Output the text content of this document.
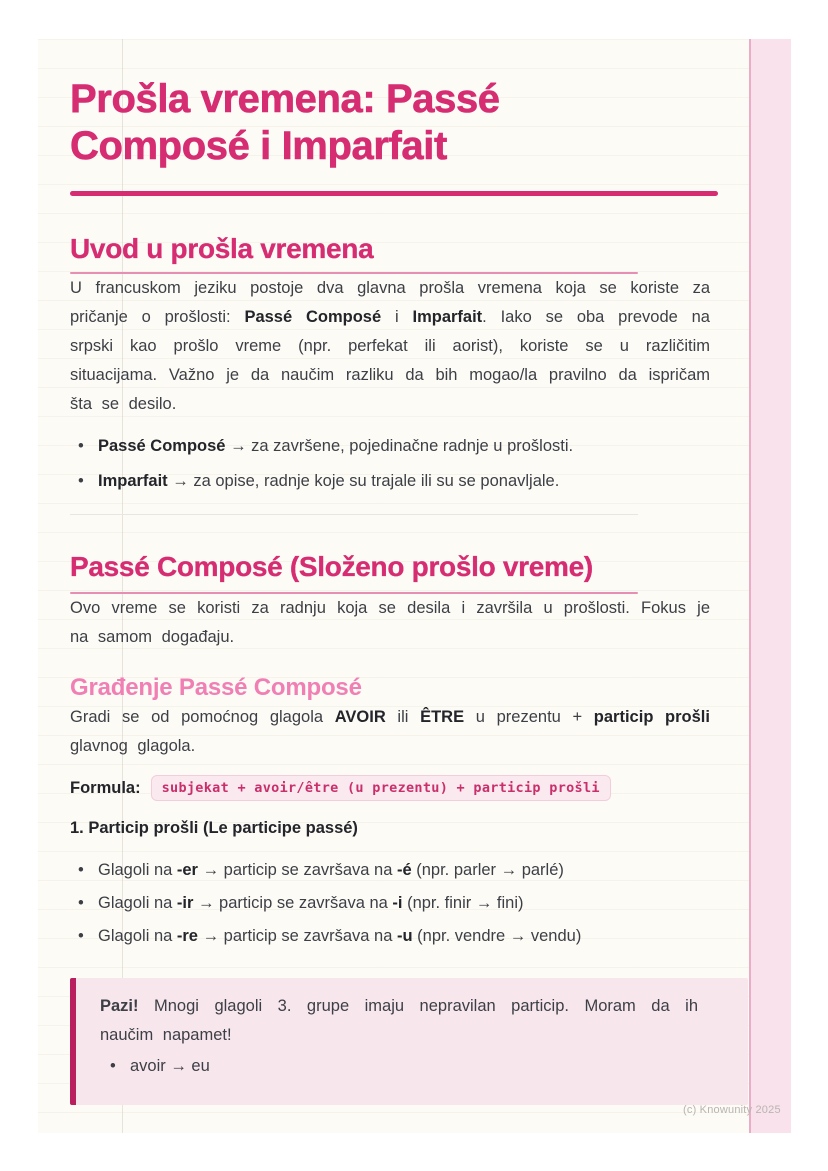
Prošla vremena: Passé Composé i Imparfait
Uvod u prošla vremena

U francuskom jeziku postoje dva glavna prošla vremena koja se koriste za pričanje o prošlosti: Passé Composé i Imparfait. Iako se oba prevode na srpski kao prošlo vreme (npr. perfekat ili aorist), koriste se u različitim situacijama. Važno je da naučim razliku da bih mogao/la pravilno da ispričam šta se desilo.

• Passé Composé → za završene, pojedinačne radnje u prošlosti.
• Imparfait → za opise, radnje koje su trajale ili su se ponavljale.
Passé Composé (Složeno prošlo vreme)

Ovo vreme se koristi za radnju koja se desila i završila u prošlosti. Fokus je na samom događaju.

Građenje Passé Composé

Gradi se od pomoćnog glagola AVOIR ili ÊTRE u prezentu + particip prošli glavnog glagola.

Formula:	subjekat + avoir/être (u prezentu) + particip prošli
1. Particip prošli (Le participe passé)
• Glagoli na -er → particip se završava na -é (npr. parler → parlé)
• Glagoli na -ir → particip se završava na -i (npr. finir → fini)
• Glagoli na -re → particip se završava na -u (npr. vendre → vendu)

Pazi! Mnogi glagoli 3. grupe imaju nepravilan particip. Moram da ih naučim napamet!

• avoir → eu
(c) Knowunity 2025
